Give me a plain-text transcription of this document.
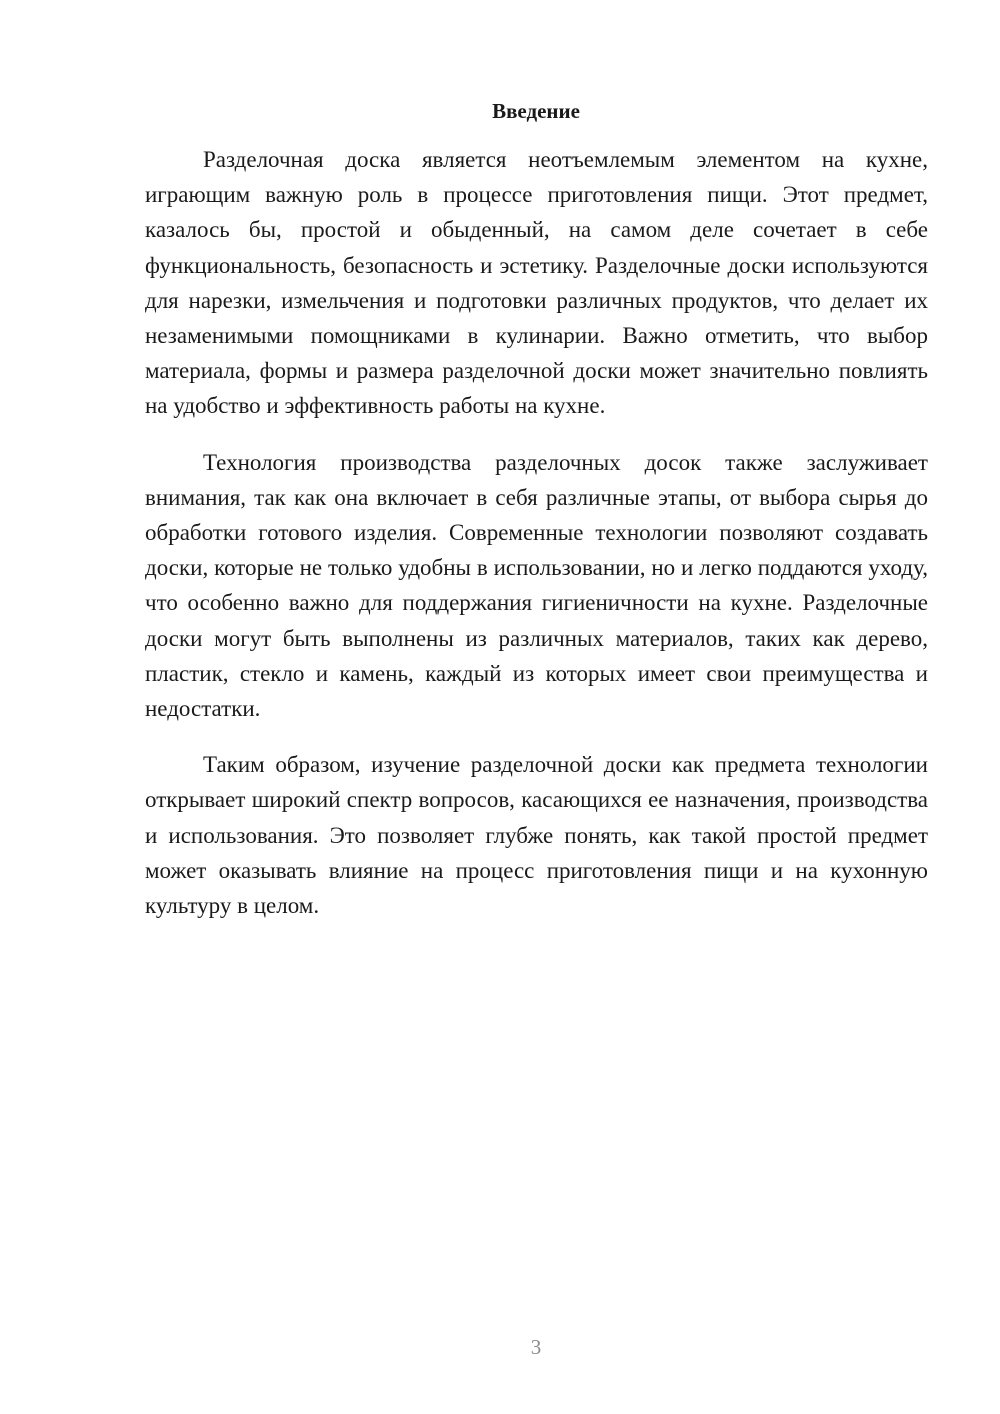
Введение

Разделочная доска является неотъемлемым элементом на кухне, играющим важную роль в процессе приготовления пищи. Этот предмет, казалось бы, простой и обыденный, на самом деле сочетает в себе функциональность, безопасность и эстетику. Разделочные доски используются для нарезки, измельчения и подготовки различных продуктов, что делает их незаменимыми помощниками в кулинарии. Важно отметить, что выбор материала, формы и размера разделочной доски может значительно повлиять на удобство и эффективность работы на кухне.

Технология производства разделочных досок также заслуживает внимания, так как она включает в себя различные этапы, от выбора сырья до обработки готового изделия. Современные технологии позволяют создавать доски, которые не только удобны в использовании, но и легко поддаются уходу, что особенно важно для поддержания гигиеничности на кухне. Разделочные доски могут быть выполнены из различных материалов, таких как дерево, пластик, стекло и камень, каждый из которых имеет свои преимущества и недостатки.

Таким образом, изучение разделочной доски как предмета технологии открывает широкий спектр вопросов, касающихся ее назначения, производства и использования. Это позволяет глубже понять, как такой простой предмет может оказывать влияние на процесс приготовления пищи и на кухонную культуру в целом.

3
